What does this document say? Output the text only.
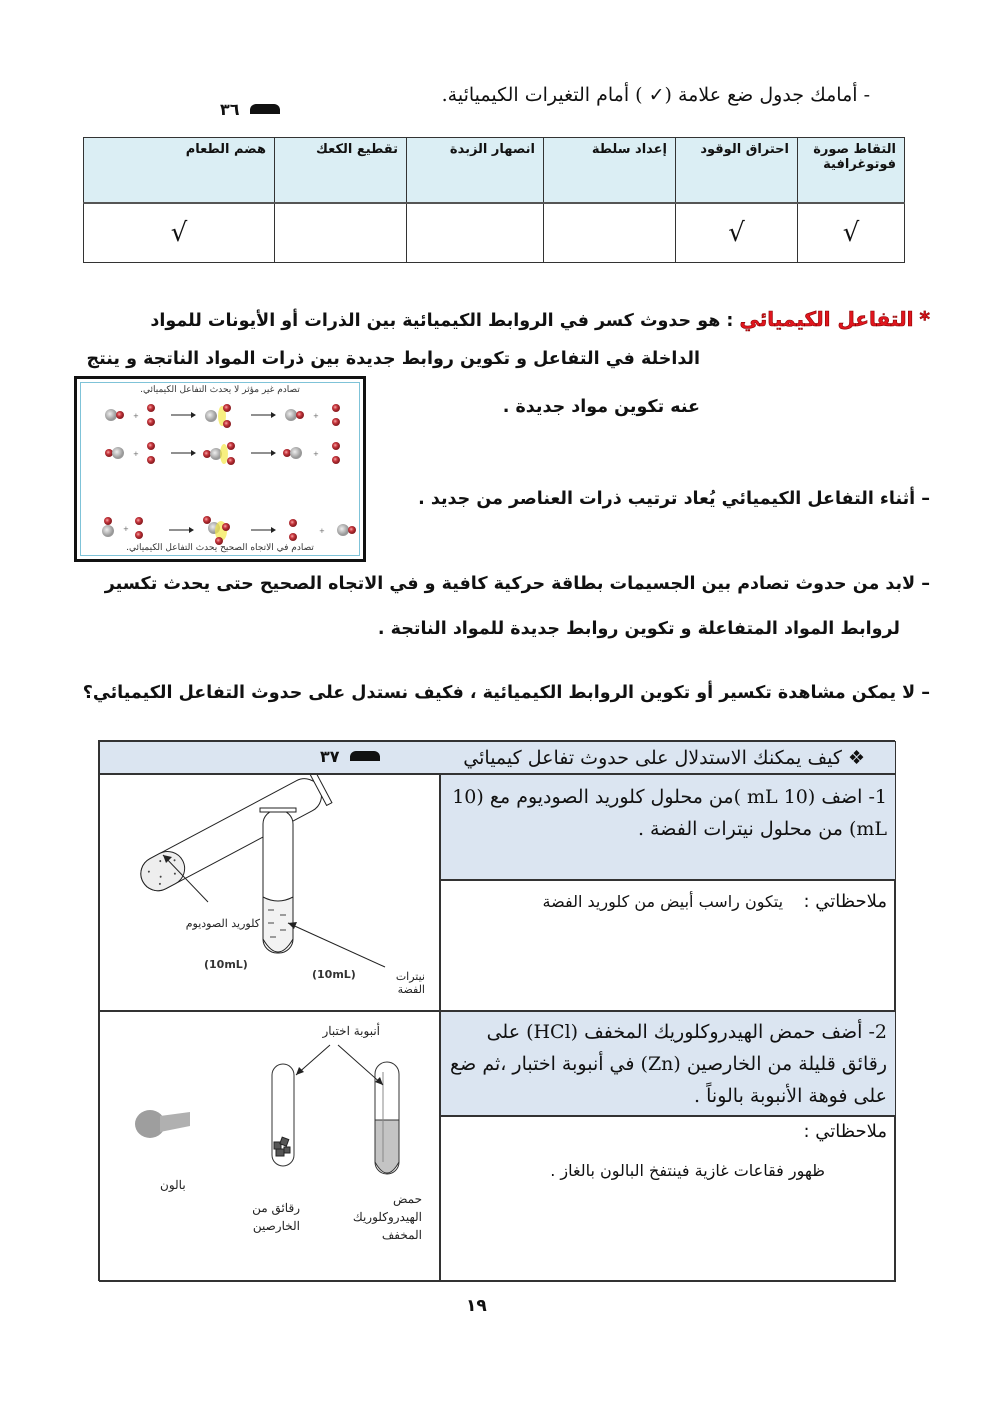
- أمامك جدول ضع علامة (✓ ) أمام التغيرات الكيميائية.
٣٦
التقاط صورة فوتوغرافية	احتراق الوقود	إعداد سلطة	انصهار الزبدة	تقطيع الكعك	هضم الطعام
√	√				√
* التفاعل الكيميائي : هو حدوث كسر في الروابط الكيميائية بين الذرات أو الأيونات للمواد
الداخلة في التفاعل و تكوين روابط جديدة بين ذرات المواد الناتجة و ينتج
عنه تكوين مواد جديدة .
تصادم غير مؤثر لا يحدث التفاعل الكيميائي.
+	+
+	+
+	+
تصادم في الاتجاه الصحيح يحدث التفاعل الكيميائي.
– أثناء التفاعل الكيميائي يُعاد ترتيب ذرات العناصر من جديد .
– لابد من حدوث تصادم بين الجسيمات بطاقة حركية كافية و في الاتجاه الصحيح حتى يحدث تكسير
لروابط المواد المتفاعلة و تكوين روابط جديدة للمواد الناتجة .
– لا يمكن مشاهدة تكسير أو تكوين الروابط الكيميائية ، فكيف نستدل على حدوث التفاعل الكيميائي؟
❖ كيف يمكنك الاستدلال على حدوث تفاعل كيميائي
٣٧
كلوريد الصوديوم
(10mL)
نيترات الفضة
(10mL)
1- اضف (10 mL )من محلول كلوريد الصوديوم مع (10 mL) من محلول نيترات الفضة .
ملاحظاتي :    يتكون راسب أبيض من كلوريد الفضة
أنبوبة اختبار
بالون
رقائق من الخارصين
حمض الهيدروكلوريك المخفف
2- أضف حمض الهيدروكلوريك المخفف (HCl) على رقائق قليلة من الخارصين (Zn) في أنبوبة اختبار ،ثم ضع على فوهة الأنبوبة بالوناً .
ملاحظاتي :
ظهور فقاعات غازية فينتفخ البالون بالغاز .
١٩
